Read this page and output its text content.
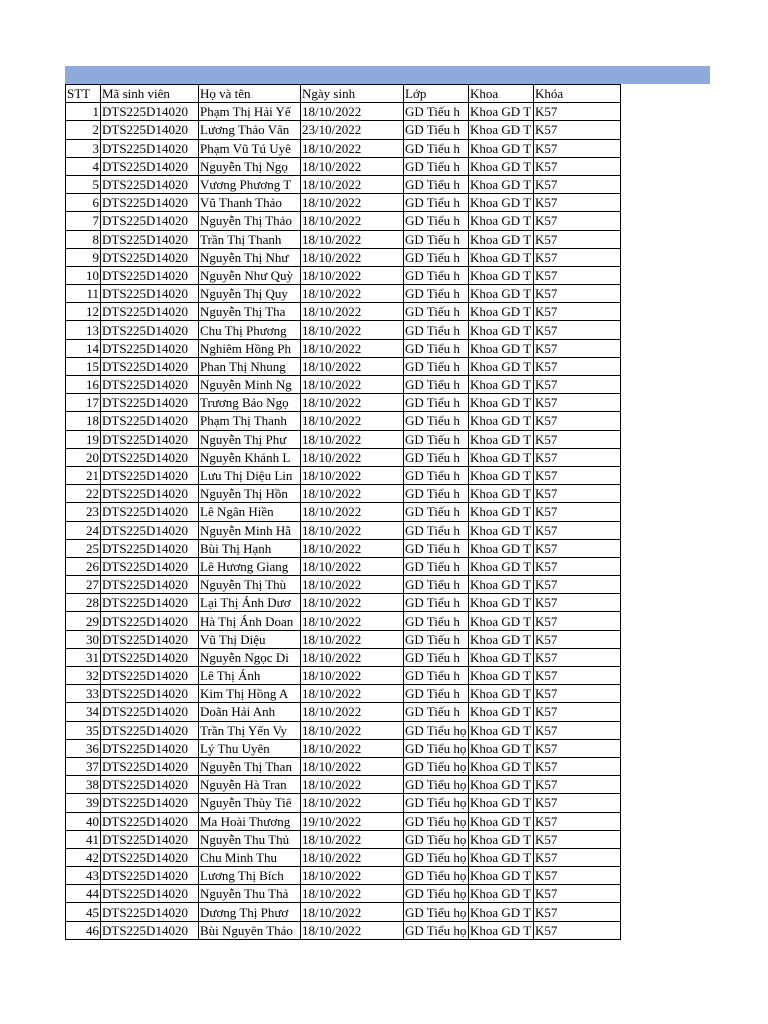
STT	Mã sinh viên	Họ và tên	Ngày sinh	Lớp	Khoa	Khóa
1	DTS225D14020	Phạm Thị Hải Yế	18/10/2022	GD Tiểu h	Khoa GD T	K57
2	DTS225D14020	Lương Thảo Vân	23/10/2022	GD Tiểu h	Khoa GD T	K57
3	DTS225D14020	Phạm Vũ Tú Uyê	18/10/2022	GD Tiểu h	Khoa GD T	K57
4	DTS225D14020	Nguyễn Thị Ngọ	18/10/2022	GD Tiểu h	Khoa GD T	K57
5	DTS225D14020	Vương Phương T	18/10/2022	GD Tiểu h	Khoa GD T	K57
6	DTS225D14020	Vũ Thanh Thảo	18/10/2022	GD Tiểu h	Khoa GD T	K57
7	DTS225D14020	Nguyễn Thị Thảo	18/10/2022	GD Tiểu h	Khoa GD T	K57
8	DTS225D14020	Trần Thị Thanh	18/10/2022	GD Tiểu h	Khoa GD T	K57
9	DTS225D14020	Nguyễn Thị Như	18/10/2022	GD Tiểu h	Khoa GD T	K57
10	DTS225D14020	Nguyễn Như Quỳ	18/10/2022	GD Tiểu h	Khoa GD T	K57
11	DTS225D14020	Nguyễn Thị Quy	18/10/2022	GD Tiểu h	Khoa GD T	K57
12	DTS225D14020	Nguyễn Thị Tha	18/10/2022	GD Tiểu h	Khoa GD T	K57
13	DTS225D14020	Chu Thị Phương	18/10/2022	GD Tiểu h	Khoa GD T	K57
14	DTS225D14020	Nghiêm Hồng Ph	18/10/2022	GD Tiểu h	Khoa GD T	K57
15	DTS225D14020	Phan Thị Nhung	18/10/2022	GD Tiểu h	Khoa GD T	K57
16	DTS225D14020	Nguyễn Minh Ng	18/10/2022	GD Tiểu h	Khoa GD T	K57
17	DTS225D14020	Trương Bảo Ngọ	18/10/2022	GD Tiểu h	Khoa GD T	K57
18	DTS225D14020	Phạm Thị Thanh	18/10/2022	GD Tiểu h	Khoa GD T	K57
19	DTS225D14020	Nguyễn Thị Phư	18/10/2022	GD Tiểu h	Khoa GD T	K57
20	DTS225D14020	Nguyễn Khánh L	18/10/2022	GD Tiểu h	Khoa GD T	K57
21	DTS225D14020	Lưu Thị Diệu Lin	18/10/2022	GD Tiểu h	Khoa GD T	K57
22	DTS225D14020	Nguyễn Thị Hồn	18/10/2022	GD Tiểu h	Khoa GD T	K57
23	DTS225D14020	Lê Ngân Hiền	18/10/2022	GD Tiểu h	Khoa GD T	K57
24	DTS225D14020	Nguyễn Minh Hằ	18/10/2022	GD Tiểu h	Khoa GD T	K57
25	DTS225D14020	Bùi Thị Hạnh	18/10/2022	GD Tiểu h	Khoa GD T	K57
26	DTS225D14020	Lê Hương Giang	18/10/2022	GD Tiểu h	Khoa GD T	K57
27	DTS225D14020	Nguyễn Thị Thù	18/10/2022	GD Tiểu h	Khoa GD T	K57
28	DTS225D14020	Lại Thị Ánh Dươ	18/10/2022	GD Tiểu h	Khoa GD T	K57
29	DTS225D14020	Hà Thị Ánh Doan	18/10/2022	GD Tiểu h	Khoa GD T	K57
30	DTS225D14020	Vũ Thị Diệu	18/10/2022	GD Tiểu h	Khoa GD T	K57
31	DTS225D14020	Nguyễn Ngọc Di	18/10/2022	GD Tiểu h	Khoa GD T	K57
32	DTS225D14020	Lê Thị Ánh	18/10/2022	GD Tiểu h	Khoa GD T	K57
33	DTS225D14020	Kim Thị Hồng A	18/10/2022	GD Tiểu h	Khoa GD T	K57
34	DTS225D14020	Doãn Hải Anh	18/10/2022	GD Tiểu h	Khoa GD T	K57
35	DTS225D14020	Trần Thị Yến Vy	18/10/2022	GD Tiểu họ	Khoa GD T	K57
36	DTS225D14020	Lý Thu Uyên	18/10/2022	GD Tiểu họ	Khoa GD T	K57
37	DTS225D14020	Nguyễn Thị Than	18/10/2022	GD Tiểu họ	Khoa GD T	K57
38	DTS225D14020	Nguyễn Hà Tran	18/10/2022	GD Tiểu họ	Khoa GD T	K57
39	DTS225D14020	Nguyễn Thùy Tiê	18/10/2022	GD Tiểu họ	Khoa GD T	K57
40	DTS225D14020	Ma Hoài Thương	19/10/2022	GD Tiểu họ	Khoa GD T	K57
41	DTS225D14020	Nguyễn Thu Thủ	18/10/2022	GD Tiểu họ	Khoa GD T	K57
42	DTS225D14020	Chu Minh Thu	18/10/2022	GD Tiểu họ	Khoa GD T	K57
43	DTS225D14020	Lương Thị Bích	18/10/2022	GD Tiểu họ	Khoa GD T	K57
44	DTS225D14020	Nguyễn Thu Thả	18/10/2022	GD Tiểu họ	Khoa GD T	K57
45	DTS225D14020	Dương Thị Phươ	18/10/2022	GD Tiểu họ	Khoa GD T	K57
46	DTS225D14020	Bùi Nguyên Thảo	18/10/2022	GD Tiểu họ	Khoa GD T	K57
